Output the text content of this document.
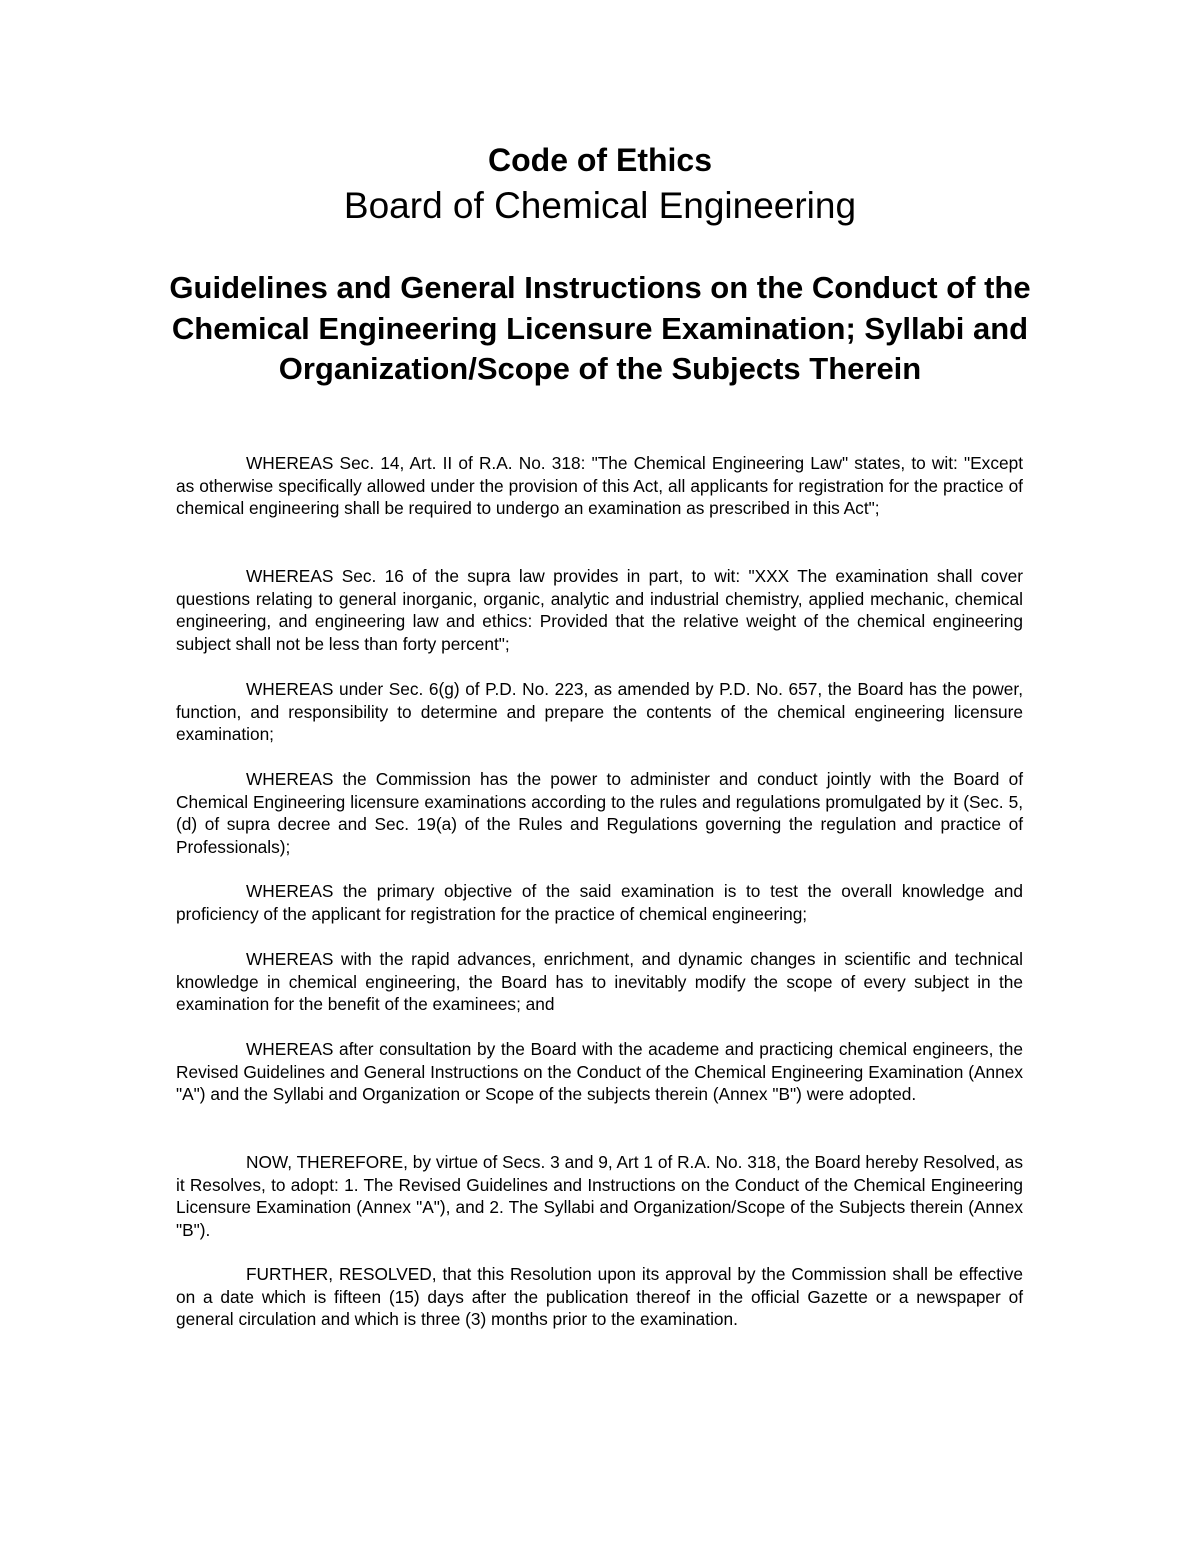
Code of Ethics
Board of Chemical Engineering
Guidelines and General Instructions on the Conduct of the Chemical Engineering Licensure Examination; Syllabi and Organization/Scope of the Subjects Therein

WHEREAS Sec. 14, Art. II of R.A. No. 318: "The Chemical Engineering Law" states, to wit: "Except as otherwise specifically allowed under the provision of this Act, all applicants for registration for the practice of chemical engineering shall be required to undergo an examination as prescribed in this Act";

WHEREAS Sec. 16 of the supra law provides in part, to wit: "XXX The examination shall cover questions relating to general inorganic, organic, analytic and industrial chemistry, applied mechanic, chemical engineering, and engineering law and ethics: Provided that the relative weight of the chemical engineering subject shall not be less than forty percent";

WHEREAS under Sec. 6(g) of P.D. No. 223, as amended by P.D. No. 657, the Board has the power, function, and responsibility to determine and prepare the contents of the chemical engineering licensure examination;

WHEREAS the Commission has the power to administer and conduct jointly with the Board of Chemical Engineering licensure examinations according to the rules and regulations promulgated by it (Sec. 5, (d) of supra decree and Sec. 19(a) of the Rules and Regulations governing the regulation and practice of Professionals);

WHEREAS the primary objective of the said examination is to test the overall knowledge and proficiency of the applicant for registration for the practice of chemical engineering;

WHEREAS with the rapid advances, enrichment, and dynamic changes in scientific and technical knowledge in chemical engineering, the Board has to inevitably modify the scope of every subject in the examination for the benefit of the examinees; and

WHEREAS after consultation by the Board with the academe and practicing chemical engineers, the Revised Guidelines and General Instructions on the Conduct of the Chemical Engineering Examination (Annex "A") and the Syllabi and Organization or Scope of the subjects therein (Annex "B") were adopted.

NOW, THEREFORE, by virtue of Secs. 3 and 9, Art 1 of R.A. No. 318, the Board hereby Resolved, as it Resolves, to adopt: 1. The Revised Guidelines and Instructions on the Conduct of the Chemical Engineering Licensure Examination (Annex "A"), and 2. The Syllabi and Organization/Scope of the Subjects therein (Annex "B").

FURTHER, RESOLVED, that this Resolution upon its approval by the Commission shall be effective on a date which is fifteen (15) days after the publication thereof in the official Gazette or a newspaper of general circulation and which is three (3) months prior to the examination.
